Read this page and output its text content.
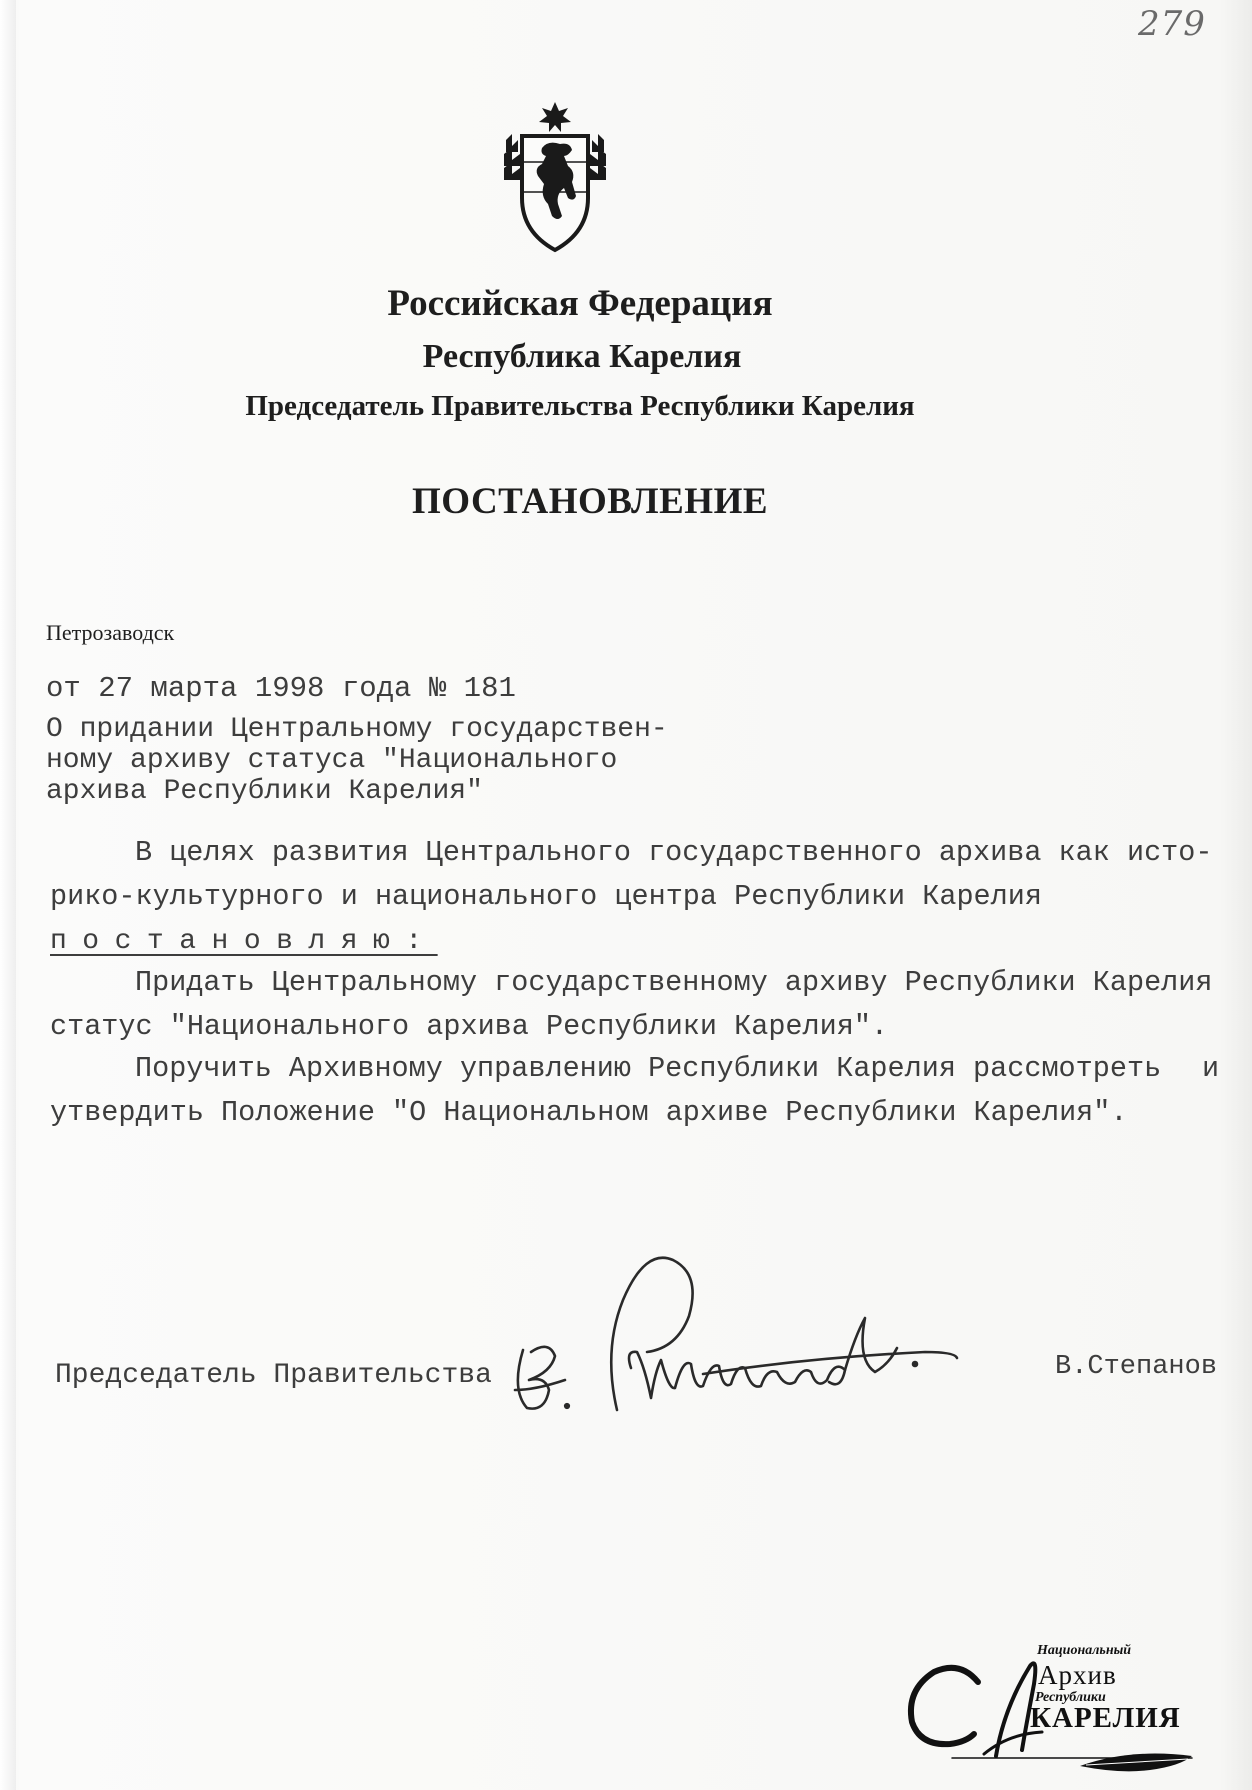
279
Российская Федерация
Республика Карелия
Председатель Правительства Республики Карелия
ПОСТАНОВЛЕНИЕ
Петрозаводск
от 27 марта 1998 года № 181
О придании Центральному государствен-
ному архиву статуса "Национального
архива Республики Карелия"
В целях развития Центрального государственного архива как исто-
рико-культурного и национального центра Республики Карелия
постановляю:
Придать Центральному государственному архиву Республики Карелия
статус "Национального архива Республики Карелия".
Поручить Архивному управлению Республики Карелия рассмотреть и
утвердить Положение "О Национальном архиве Республики Карелия".
Председатель Правительства	В.Степанов
Национальный
Архив
Республики
КАРЕЛИЯ
